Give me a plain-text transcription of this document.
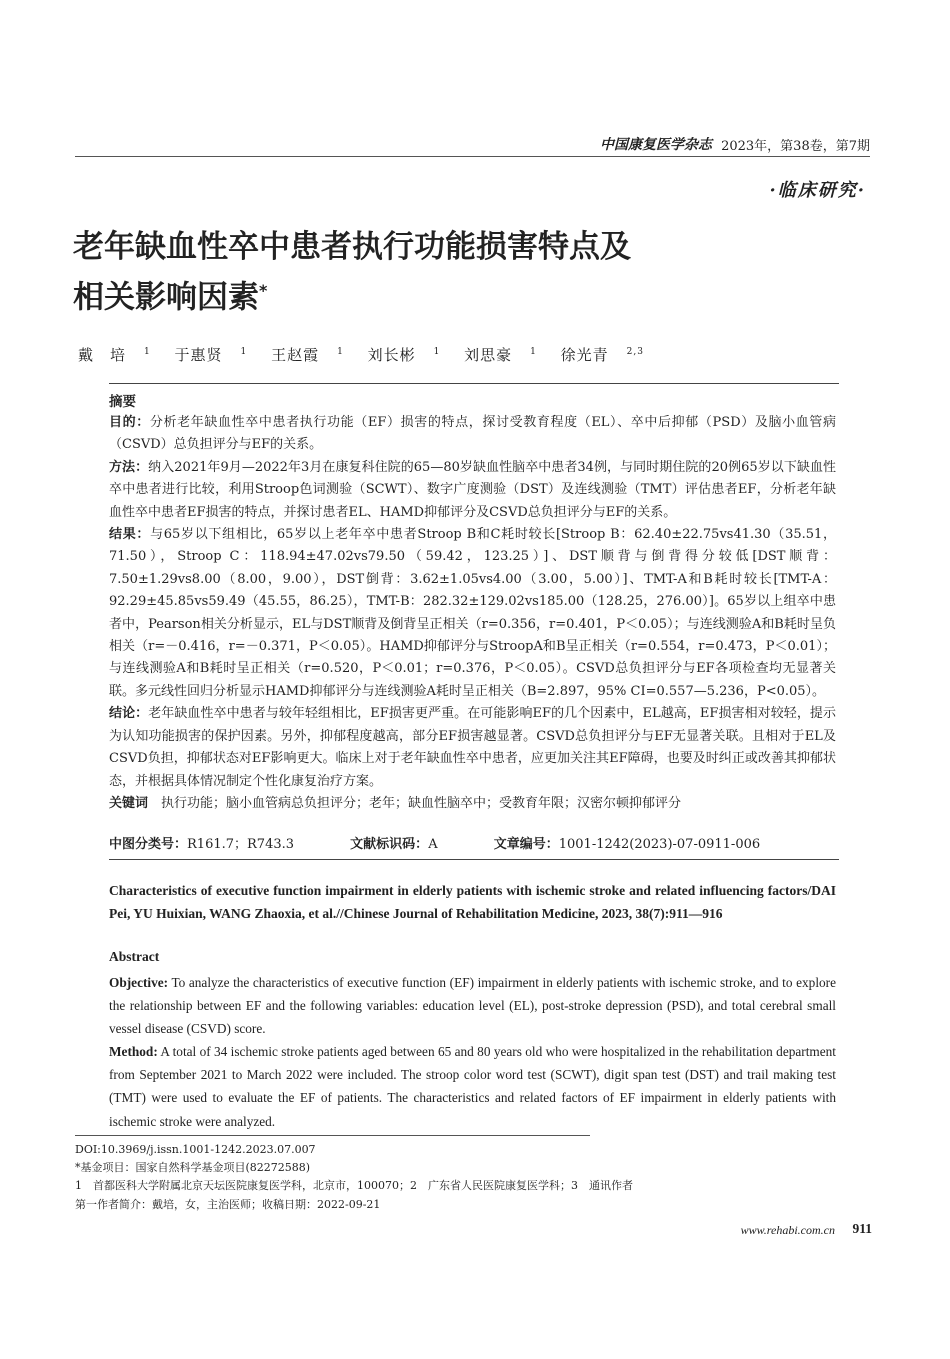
中国康复医学杂志 2023年，第38卷，第7期
·临床研究·
老年缺血性卒中患者执行功能损害特点及
相关影响因素*
戴　培 $^1$ 于惠贤 $^1$ 王赵霞 $^1$ 刘长彬 $^1$ 刘思豪 $^1$ 徐光青 $^{2,3}$
摘要

目的：分析老年缺血性卒中患者执行功能（EF）损害的特点，探讨受教育程度（EL）、卒中后抑郁（PSD）及脑小血管病（CSVD）总负担评分与EF的关系。

方法：纳入2021年9月—2022年3月在康复科住院的65—80岁缺血性脑卒中患者34例，与同时期住院的20例65岁以下缺血性卒中患者进行比较，利用Stroop色词测验（SCWT）、数字广度测验（DST）及连线测验（TMT）评估患者EF，分析老年缺血性卒中患者EF损害的特点，并探讨患者EL、HAMD抑郁评分及CSVD总负担评分与EF的关系。

结果：与65岁以下组相比，65岁以上老年卒中患者Stroop B和C耗时较长[Stroop B：62.40±22.75vs41.30（35.51，71.50），Stroop C：118.94±47.02vs79.50（59.42，123.25）]、DST顺背与倒背得分较低[DST顺背：7.50±1.29vs8.00（8.00，9.00），DST倒背：3.62±1.05vs4.00（3.00，5.00）]、TMT-A和B耗时较长[TMT-A：92.29±45.85vs59.49（45.55，86.25），TMT-B：282.32±129.02vs185.00（128.25，276.00）]。65岁以上组卒中患者中，Pearson相关分析显示，EL与DST顺背及倒背呈正相关（r=0.356，r=0.401，P＜0.05）；与连线测验A和B耗时呈负相关（r=－0.416，r=－0.371，P＜0.05）。HAMD抑郁评分与StroopA和B呈正相关（r=0.554，r=0.473，P＜0.01）；与连线测验A和B耗时呈正相关（r=0.520，P＜0.01；r=0.376，P＜0.05）。CSVD总负担评分与EF各项检查均无显著关联。多元线性回归分析显示HAMD抑郁评分与连线测验A耗时呈正相关（B=2.897，95% CI=0.557—5.236，P<0.05）。

结论：老年缺血性卒中患者与较年轻组相比，EF损害更严重。在可能影响EF的几个因素中，EL越高，EF损害相对较轻，提示为认知功能损害的保护因素。另外，抑郁程度越高，部分EF损害越显著。CSVD总负担评分与EF无显著关联。且相对于EL及CSVD负担，抑郁状态对EF影响更大。临床上对于老年缺血性卒中患者，应更加关注其EF障碍，也要及时纠正或改善其抑郁状态，并根据具体情况制定个性化康复治疗方案。

关键词　 执行功能；脑小血管病总负担评分；老年；缺血性脑卒中；受教育年限；汉密尔顿抑郁评分

中图分类号：R161.7；R743.3	文献标识码：A	文章编号：1001-1242(2023)-07-0911-006
Characteristics of executive function impairment in elderly patients with ischemic stroke and related influencing factors/DAI Pei, YU Huixian, WANG Zhaoxia, et al.//Chinese Journal of Rehabilitation Medicine, 2023, 38(7):911—916
Abstract

Objective: To analyze the characteristics of executive function (EF) impairment in elderly patients with ischemic stroke, and to explore the relationship between EF and the following variables: education level (EL), post-stroke depression (PSD), and total cerebral small vessel disease (CSVD) score.

Method: A total of 34 ischemic stroke patients aged between 65 and 80 years old who were hospitalized in the rehabilitation department from September 2021 to March 2022 were included. The stroop color word test (SCWT), digit span test (DST) and trail making test (TMT) were used to evaluate the EF of patients. The characteristics and related factors of EF impairment in elderly patients with ischemic stroke were analyzed.

DOI:10.3969/j.issn.1001-1242.2023.07.007

*基金项目：国家自然科学基金项目(82272588)

1　首都医科大学附属北京天坛医院康复医学科，北京市，100070；2　广东省人民医院康复医学科；3　通讯作者

第一作者简介：戴培，女，主治医师；收稿日期：2022-09-21

www.rehabi.com.cn 911
